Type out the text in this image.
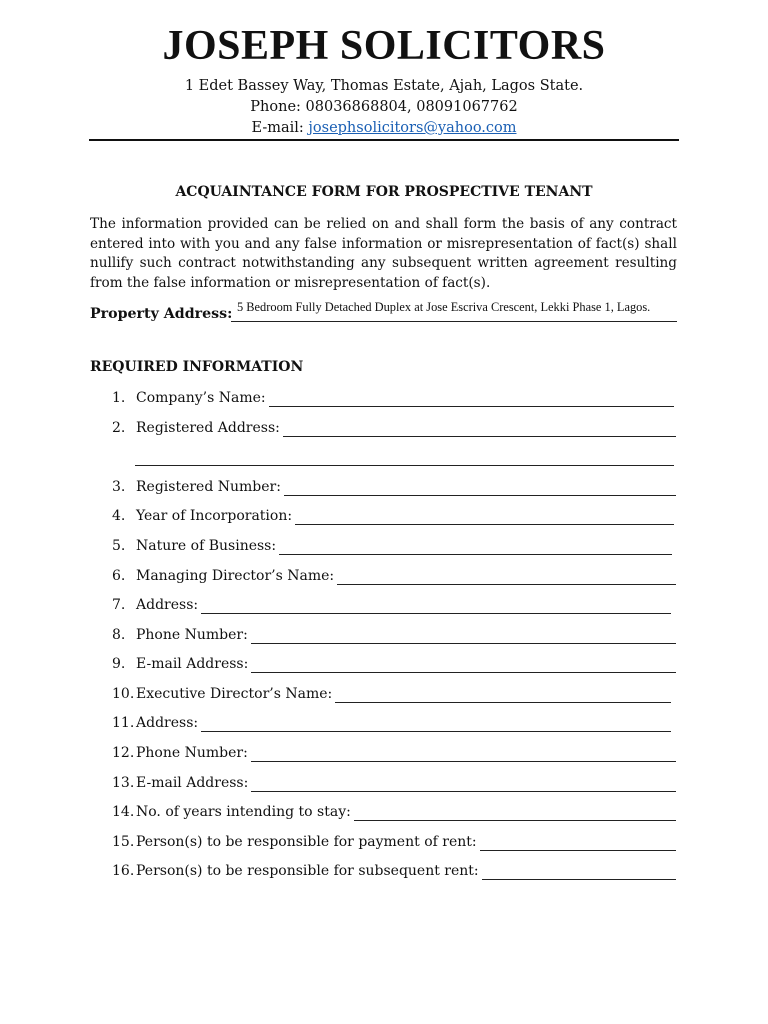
JOSEPH SOLICITORS
1 Edet Bassey Way, Thomas Estate, Ajah, Lagos State.
Phone: 08036868804, 08091067762
E-mail: josephsolicitors@yahoo.com
ACQUAINTANCE FORM FOR PROSPECTIVE TENANT

The information provided can be relied on and shall form the basis of any contract entered into with you and any false information or misrepresentation of fact(s) shall nullify such contract notwithstanding any subsequent written agreement resulting from the false information or misrepresentation of fact(s).

Property Address: 5 Bedroom Fully Detached Duplex at Jose Escriva Crescent, Lekki Phase 1, Lagos.
REQUIRED INFORMATION
1. Company’s Name:
2. Registered Address:
3. Registered Number:
4. Year of Incorporation:
5. Nature of Business:
6. Managing Director’s Name:
7. Address:
8. Phone Number:
9. E-mail Address:
10. Executive Director’s Name:
11. Address:
12. Phone Number:
13. E-mail Address:
14. No. of years intending to stay:
15. Person(s) to be responsible for payment of rent:
16. Person(s) to be responsible for subsequent rent:
